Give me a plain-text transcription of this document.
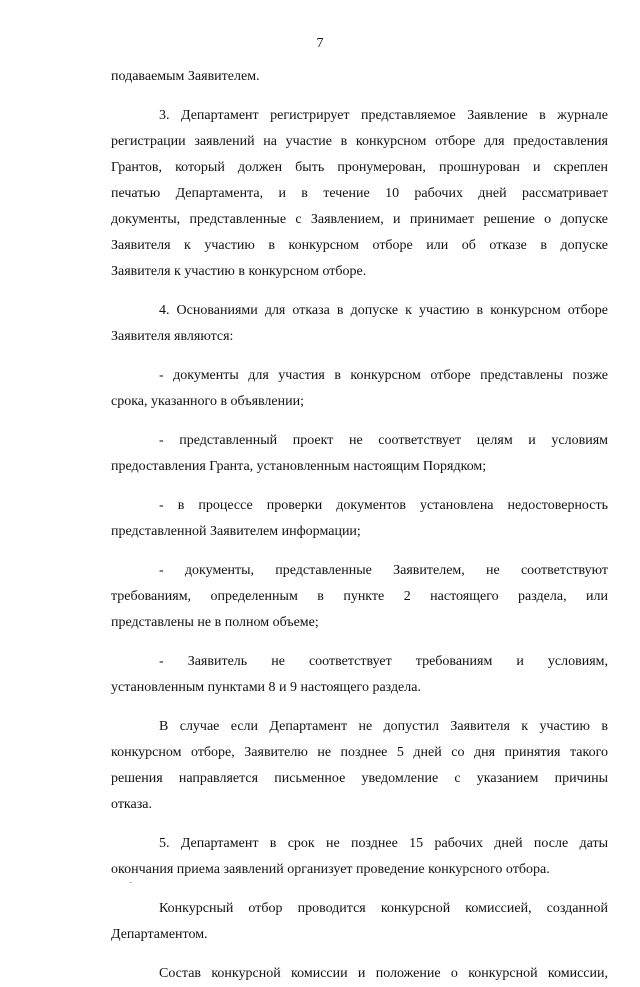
7
подаваемым Заявителем.
3. Департамент регистрирует представляемое Заявление в журнале
регистрации заявлений на участие в конкурсном отборе для предоставления
Грантов, который должен быть пронумерован, прошнурован и скреплен
печатью Департамента, и в течение 10 рабочих дней рассматривает
документы, представленные с Заявлением, и принимает решение о допуске
Заявителя к участию в конкурсном отборе или об отказе в допуске
Заявителя к участию в конкурсном отборе.
4. Основаниями для отказа в допуске к участию в конкурсном отборе
Заявителя являются:
- документы для участия в конкурсном отборе представлены позже
срока, указанного в объявлении;
- представленный проект не соответствует целям и условиям
предоставления Гранта, установленным настоящим Порядком;
- в процессе проверки документов установлена недостоверность
представленной Заявителем информации;
- документы, представленные Заявителем, не соответствуют
требованиям, определенным в пункте 2 настоящего раздела, или
представлены не в полном объеме;
- Заявитель не соответствует требованиям и условиям,
установленным пунктами 8 и 9 настоящего раздела.
В случае если Департамент не допустил Заявителя к участию в
конкурсном отборе, Заявителю не позднее 5 дней со дня принятия такого
решения направляется письменное уведомление с указанием причины
отказа.
5. Департамент в срок не позднее 15 рабочих дней после даты
окончания приема заявлений организует проведение конкурсного отбора.
Конкурсный отбор проводится конкурсной комиссией, созданной
Департаментом.
Состав конкурсной комиссии и положение о конкурсной комиссии,
